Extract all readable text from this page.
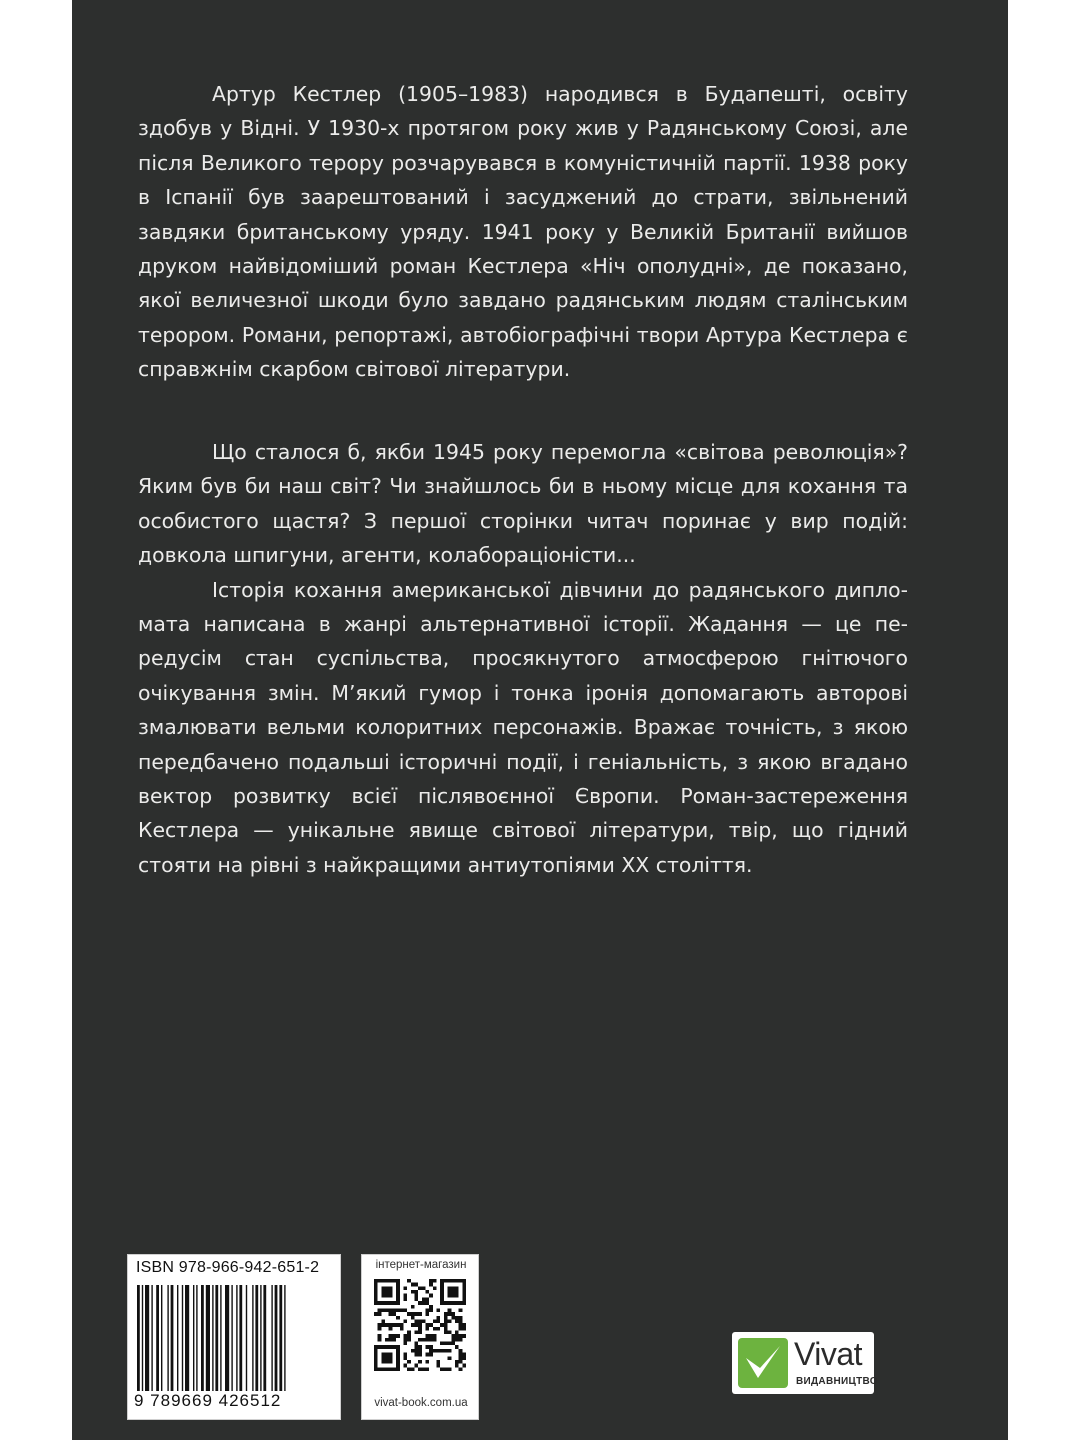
Артур Кестлер (1905–1983) народився в Будапешті, освіту здобув у Відні. У 1930-х протягом року жив у Радянському Союзі, але після Великого терору розчарувався в комуністичній партії. 1938 року в Іспанії був заарештований і засуджений до страти, звільнений завдяки британському уряду. 1941 року у Великій Британії вийшов друком найвідоміший роман Кестлера «Ніч ополудні», де показано, якої величезної шкоди було завдано радянським людям сталінським терором. Романи, репортажі, автобіографічні твори Артура Кестлера є справжнім скарбом світової літератури.

Що сталося б, якби 1945 року перемогла «світова революція»? Яким був би наш світ? Чи знайшлось би в ньому місце для кохання та особистого щастя? З першої сторінки читач поринає у вир подій: довкола шпигуни, агенти, колабораціоністи...

Історія кохання американської дівчини до радянського дипломата написана в жанрі альтернативної історії. Жадання — це передусім стан суспільства, просякнутого атмосферою гнітючого очікування змін. М’який гумор і тонка іронія допомагають авторові змалювати вельми колоритних персонажів. Вражає точність, з якою передбачено подальші історичні події, і геніальність, з якою вгадано вектор розвитку всієї післявоєнної Європи. Роман-застереження Кестлера — унікальне явище світової літератури, твір, що гідний стояти на рівні з найкращими антиутопіями XX століття.

ISBN 978-966-942-651-2
9 789669 426512
інтернет-магазин
vivat-book.com.ua
Vivat
ВИДАВНИЦТВО
